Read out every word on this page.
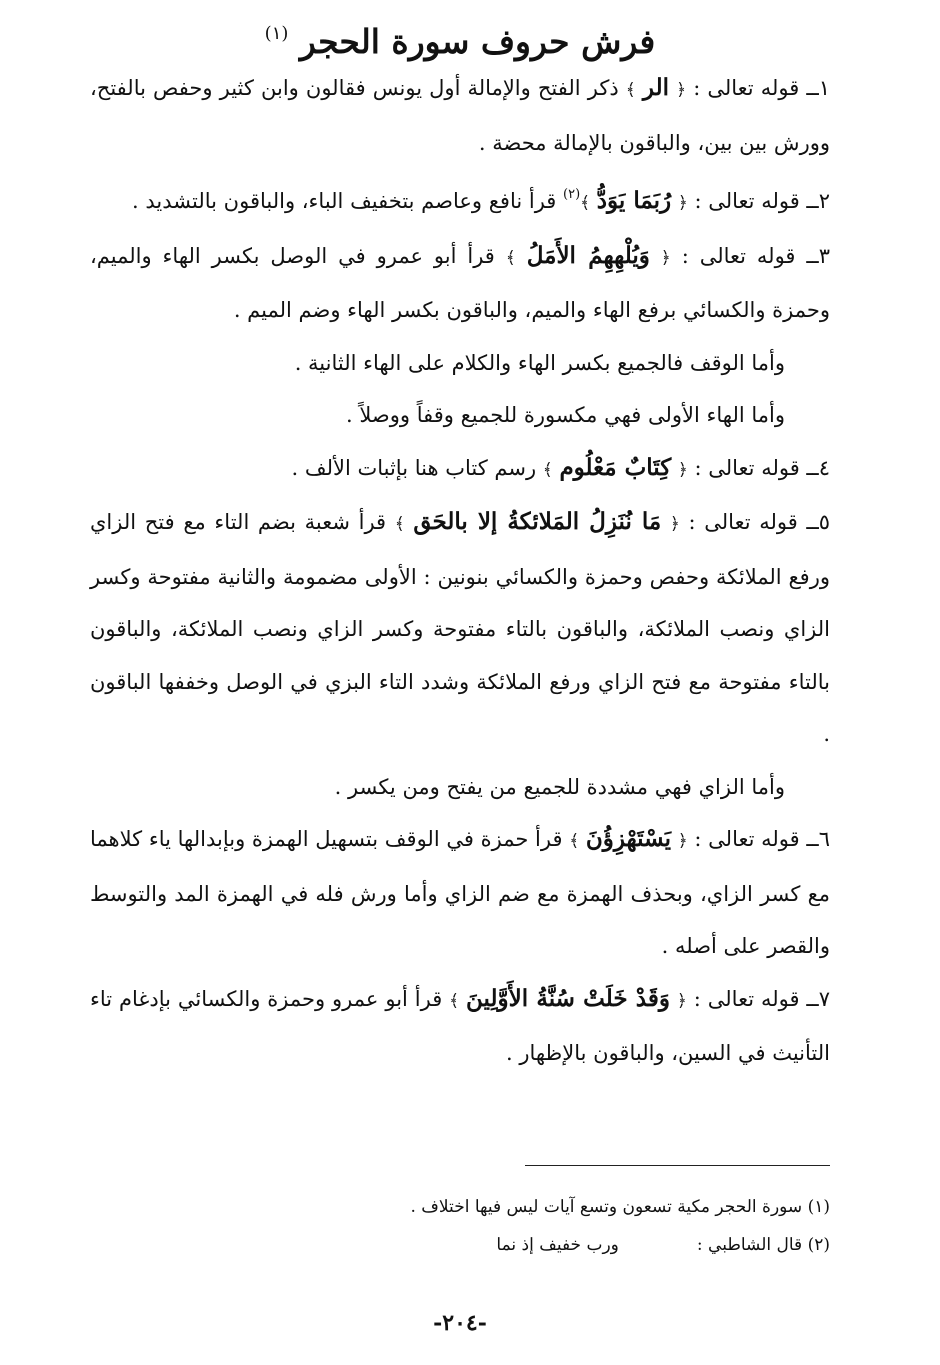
فرش حروف سورة الحجر $^{(١)}$

١ــ قوله تعالى : ﴿ الر ﴾ ذكر الفتح والإمالة أول يونس فقالون وابن كثير وحفص بالفتح، وورش بين بين، والباقون بالإمالة محضة .

٢ــ قوله تعالى : ﴿ رُبَمَا يَوَدُّ ﴾$^{(٢)}$ قرأ نافع وعاصم بتخفيف الباء، والباقون بالتشديد .

٣ــ قوله تعالى : ﴿ وَيُلْهِهِمُ الأَمَلُ ﴾ قرأ أبو عمرو في الوصل بكسر الهاء والميم، وحمزة والكسائي برفع الهاء والميم، والباقون بكسر الهاء وضم الميم .

وأما الوقف فالجميع بكسر الهاء والكلام على الهاء الثانية .

وأما الهاء الأولى فهي مكسورة للجميع وقفاً ووصلاً .

٤ــ قوله تعالى : ﴿ كِتَابٌ مَعْلُوم ﴾ رسم كتاب هنا بإثبات الألف .

٥ــ قوله تعالى : ﴿ مَا نُنَزِلُ المَلائكةُ إلا بالحَق ﴾ قرأ شعبة بضم التاء مع فتح الزاي ورفع الملائكة وحفص وحمزة والكسائي بنونين : الأولى مضمومة والثانية مفتوحة وكسر الزاي ونصب الملائكة، والباقون بالتاء مفتوحة وكسر الزاي ونصب الملائكة، والباقون بالتاء مفتوحة مع فتح الزاي ورفع الملائكة وشدد التاء البزي في الوصل وخففها الباقون .

وأما الزاي فهي مشددة للجميع من يفتح ومن يكسر .

٦ــ قوله تعالى : ﴿ يَسْتَهْزِؤُنَ ﴾ قرأ حمزة في الوقف بتسهيل الهمزة وبإبدالها ياء كلاهما مع كسر الزاي، وبحذف الهمزة مع ضم الزاي وأما ورش فله في الهمزة المد والتوسط والقصر على أصله .

٧ــ قوله تعالى : ﴿ وَقَدْ خَلَتْ سُنَّةُ الأَوَّلِينَ ﴾ قرأ أبو عمرو وحمزة والكسائي بإدغام تاء التأنيث في السين، والباقون بالإظهار .

(١) سورة الحجر مكية تسعون وتسع آيات ليس فيها اختلاف .
(٢) قال الشاطبي :ورب خفيف إذ نما
-٢٠٤-
